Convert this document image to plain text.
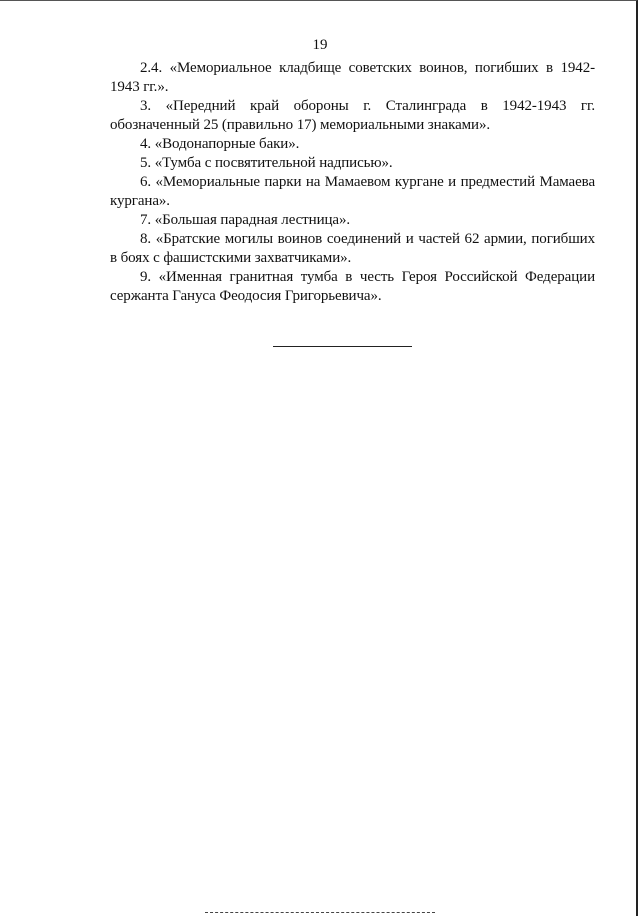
19

2.4. «Мемориальное кладбище советских воинов, погибших в 1942-1943 гг.».

3. «Передний край обороны г. Сталинграда в 1942-1943 гг. обозначенный 25 (правильно 17) мемориальными знаками».

4. «Водонапорные баки».

5. «Тумба с посвятительной надписью».

6. «Мемориальные парки на Мамаевом кургане и предместий Мамаева кургана».

7. «Большая парадная лестница».

8. «Братские могилы воинов соединений и частей 62 армии, погибших в боях с фашистскими захватчиками».

9. «Именная гранитная тумба в честь Героя Российской Федерации сержанта Гануса Феодосия Григорьевича».
